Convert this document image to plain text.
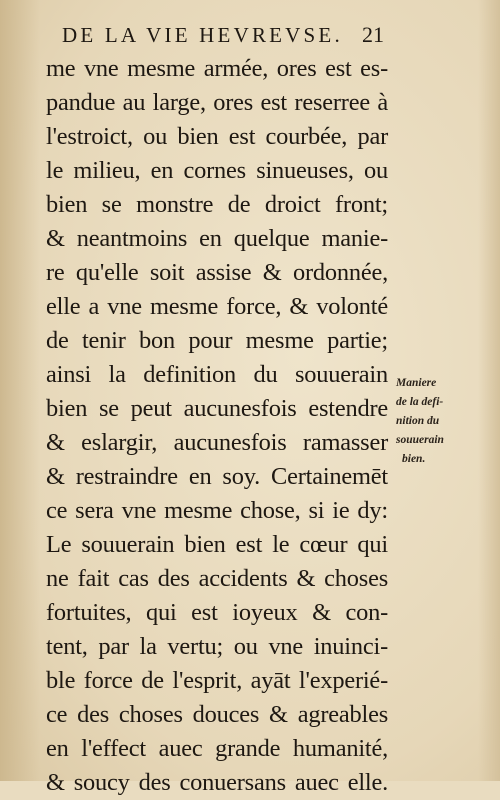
DE LA VIE HEVREVSE. 21
me vne mesme armée, ores est es-
pandue au large, ores est reserree à
l'estroict, ou bien est courbée, par
le milieu, en cornes sinueuses, ou
bien se monstre de droict front;
& neantmoins en quelque manie-
re qu'elle soit assise & ordonnée,
elle a vne mesme force, & volonté
de tenir bon pour mesme partie;
ainsi la definition du souuerain
bien se peut aucunesfois estendre
& eslargir, aucunesfois ramasser
& restraindre en soy. Certainemēt
ce sera vne mesme chose, si ie dy:
Le souuerain bien est le cœur qui
ne fait cas des accidents & choses
fortuites, qui est ioyeux & con-
tent, par la vertu; ou vne inuinci-
ble force de l'esprit, ayāt l'experié-
ce des choses douces & agreables
en l'effect auec grande humanité,
& soucy des conuersans auec elle.
Maniere
de la defi-
nition du
souuerain
bien.
